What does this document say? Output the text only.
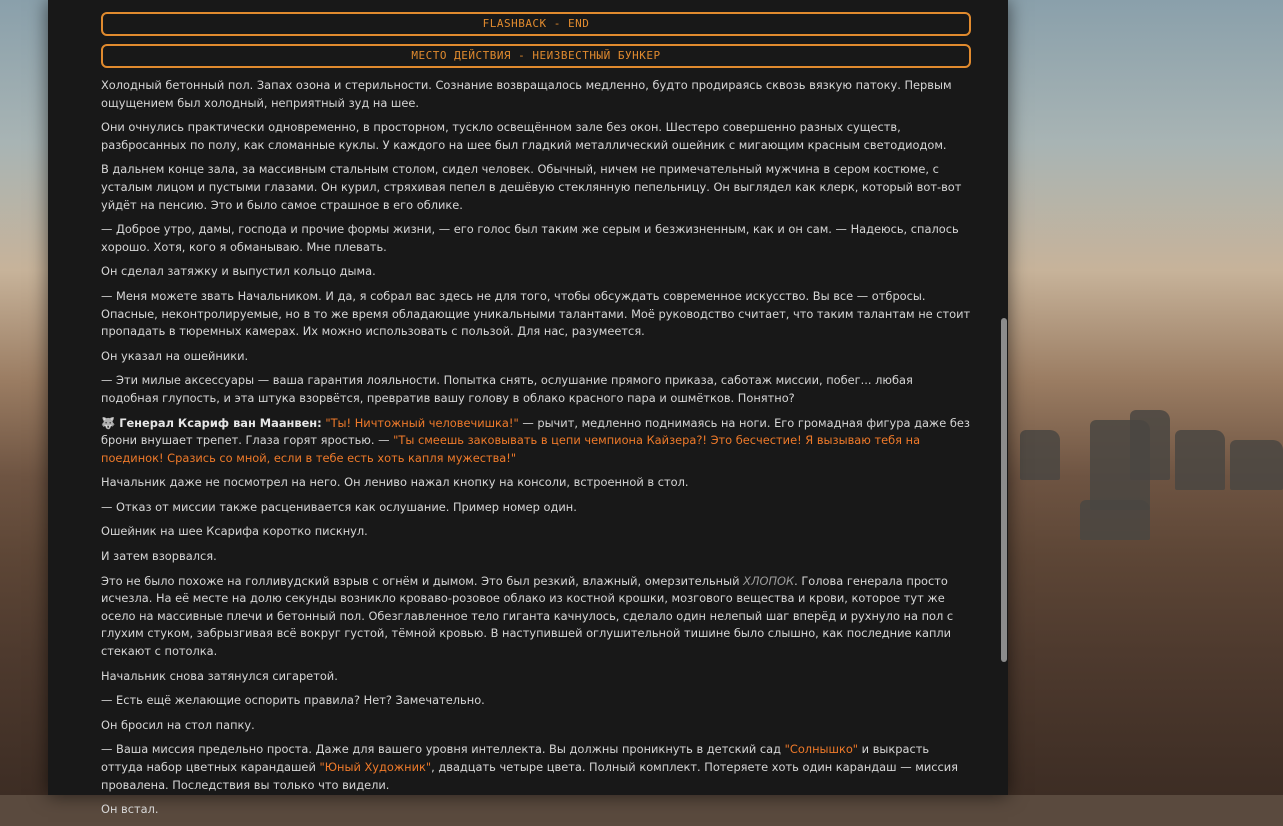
FLASHBACK - END
МЕСТО ДЕЙСТВИЯ - НЕИЗВЕСТНЫЙ БУНКЕР

Холодный бетонный пол. Запах озона и стерильности. Сознание возвращалось медленно, будто продираясь сквозь вязкую патоку. Первым ощущением был холодный, неприятный зуд на шее.

Они очнулись практически одновременно, в просторном, тускло освещённом зале без окон. Шестеро совершенно разных существ, разбросанных по полу, как сломанные куклы. У каждого на шее был гладкий металлический ошейник с мигающим красным светодиодом.

В дальнем конце зала, за массивным стальным столом, сидел человек. Обычный, ничем не примечательный мужчина в сером костюме, с усталым лицом и пустыми глазами. Он курил, стряхивая пепел в дешёвую стеклянную пепельницу. Он выглядел как клерк, который вот-вот уйдёт на пенсию. Это и было самое страшное в его облике.

— Доброе утро, дамы, господа и прочие формы жизни, — его голос был таким же серым и безжизненным, как и он сам. — Надеюсь, спалось хорошо. Хотя, кого я обманываю. Мне плевать.

Он сделал затяжку и выпустил кольцо дыма.

— Меня можете звать Начальником. И да, я собрал вас здесь не для того, чтобы обсуждать современное искусство. Вы все — отбросы. Опасные, неконтролируемые, но в то же время обладающие уникальными талантами. Моё руководство считает, что таким талантам не стоит пропадать в тюремных камерах. Их можно использовать с пользой. Для нас, разумеется.

Он указал на ошейники.

— Эти милые аксессуары — ваша гарантия лояльности. Попытка снять, ослушание прямого приказа, саботаж миссии, побег... любая подобная глупость, и эта штука взорвётся, превратив вашу голову в облако красного пара и ошмётков. Понятно?

🐺 Генерал Ксариф ван Маанвен: "Ты! Ничтожный человечишка!" — рычит, медленно поднимаясь на ноги. Его громадная фигура даже без брони внушает трепет. Глаза горят яростью. — "Ты смеешь заковывать в цепи чемпиона Кайзера?! Это бесчестие! Я вызываю тебя на поединок! Сразись со мной, если в тебе есть хоть капля мужества!"

Начальник даже не посмотрел на него. Он лениво нажал кнопку на консоли, встроенной в стол.

— Отказ от миссии также расценивается как ослушание. Пример номер один.

Ошейник на шее Ксарифа коротко пискнул.

И затем взорвался.

Это не было похоже на голливудский взрыв с огнём и дымом. Это был резкий, влажный, омерзительный ХЛОПОК. Голова генерала просто исчезла. На её месте на долю секунды возникло кроваво-розовое облако из костной крошки, мозгового вещества и крови, которое тут же осело на массивные плечи и бетонный пол. Обезглавленное тело гиганта качнулось, сделало один нелепый шаг вперёд и рухнуло на пол с глухим стуком, забрызгивая всё вокруг густой, тёмной кровью. В наступившей оглушительной тишине было слышно, как последние капли стекают с потолка.

Начальник снова затянулся сигаретой.

— Есть ещё желающие оспорить правила? Нет? Замечательно.

Он бросил на стол папку.

— Ваша миссия предельно проста. Даже для вашего уровня интеллекта. Вы должны проникнуть в детский сад "Солнышко" и выкрасть оттуда набор цветных карандашей "Юный Художник", двадцать четыре цвета. Полный комплект. Потеряете хоть один карандаш — миссия провалена. Последствия вы только что видели.

Он встал.
